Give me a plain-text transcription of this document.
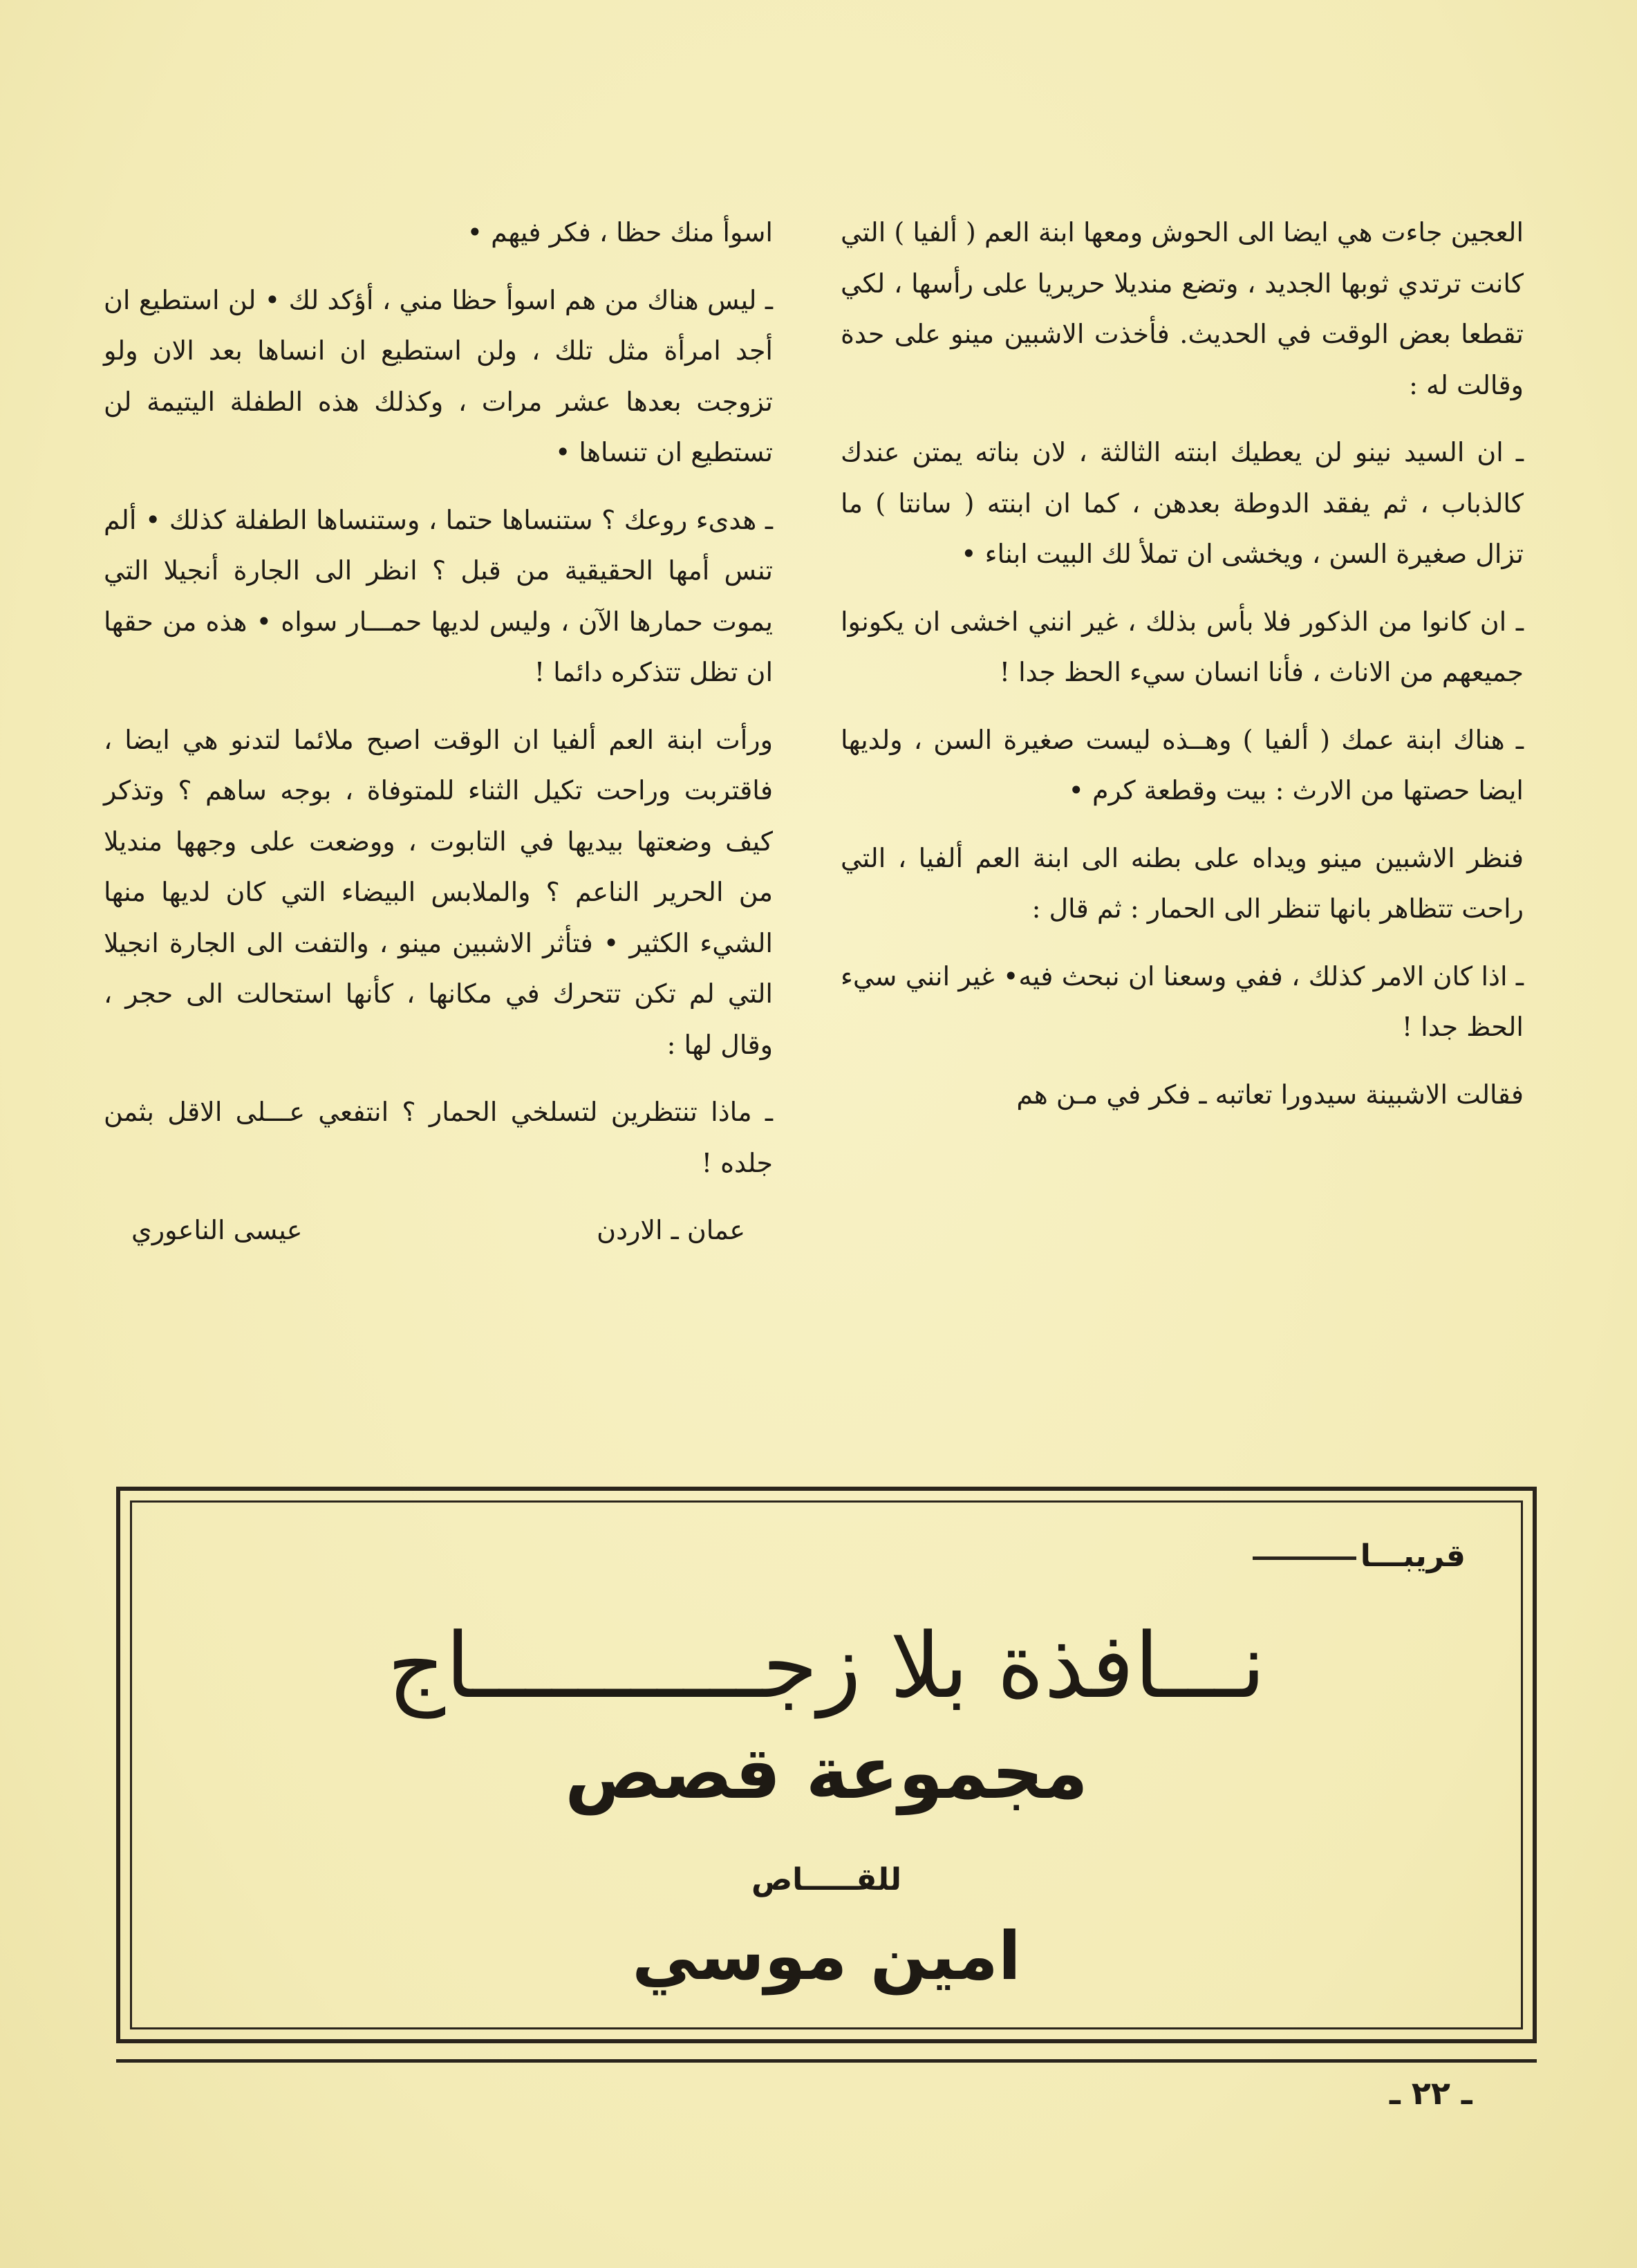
العجين جاءت هي ايضا الى الحوش ومعها ابنة العم ( ألفيا ) التي كانت ترتدي ثوبها الجديد ، وتضع منديلا حريريا على رأسها ، لكي تقطعا بعض الوقت في الحديث. فأخذت الاشبين مينو على حدة وقالت له :

ـ ان السيد نينو لن يعطيك ابنته الثالثة ، لان بناته يمتن عندك كالذباب ، ثم يفقد الدوطة بعدهن ، كما ان ابنته ( سانتا ) ما تزال صغيرة السن ، ويخشى ان تملأ لك البيت ابناء •

ـ ان كانوا من الذكور فلا بأس بذلك ، غير انني اخشى ان يكونوا جميعهم من الاناث ، فأنا انسان سيء الحظ جدا !

ـ هناك ابنة عمك ( ألفيا ) وهــذه ليست صغيرة السن ، ولديها ايضا حصتها من الارث : بيت وقطعة كرم •

فنظر الاشبين مينو ويداه على بطنه الى ابنة العم ألفيا ، التي راحت تتظاهر بانها تنظر الى الحمار : ثم قال :

ـ اذا كان الامر كذلك ، ففي وسعنا ان نبحث فيه• غير انني سيء الحظ جدا !

فقالت الاشبينة سيدورا تعاتبه ـ فكر في مـن هم

اسوأ منك حظا ، فكر فيهم •

ـ ليس هناك من هم اسوأ حظا مني ، أؤكد لك • لن استطيع ان أجد امرأة مثل تلك ، ولن استطيع ان انساها بعد الان ولو تزوجت بعدها عشر مرات ، وكذلك هذه الطفلة اليتيمة لن تستطيع ان تنساها •

ـ هدىء روعك ؟ ستنساها حتما ، وستنساها الطفلة كذلك • ألم تنس أمها الحقيقية من قبل ؟ انظر الى الجارة أنجيلا التي يموت حمارها الآن ، وليس لديها حمـــار سواه • هذه من حقها ان تظل تتذكره دائما !

ورأت ابنة العم ألفيا ان الوقت اصبح ملائما لتدنو هي ايضا ، فاقتربت وراحت تكيل الثناء للمتوفاة ، بوجه ساهم ؟ وتذكر كيف وضعتها بيديها في التابوت ، ووضعت على وجهها منديلا من الحرير الناعم ؟ والملابس البيضاء التي كان لديها منها الشيء الكثير • فتأثر الاشبين مينو ، والتفت الى الجارة انجيلا التي لم تكن تتحرك في مكانها ، كأنها استحالت الى حجر ، وقال لها :

ـ ماذا تنتظرين لتسلخي الحمار ؟ انتفعي عـــلى الاقل بثمن جلده !

عمان ـ الاردن
عيسى الناعوري
قريبـــا
نـــافذة بلا زجـــــــــــاج
مجموعة قصص
للقـــــاص
امين موسي
ـ ٢٢ ـ
